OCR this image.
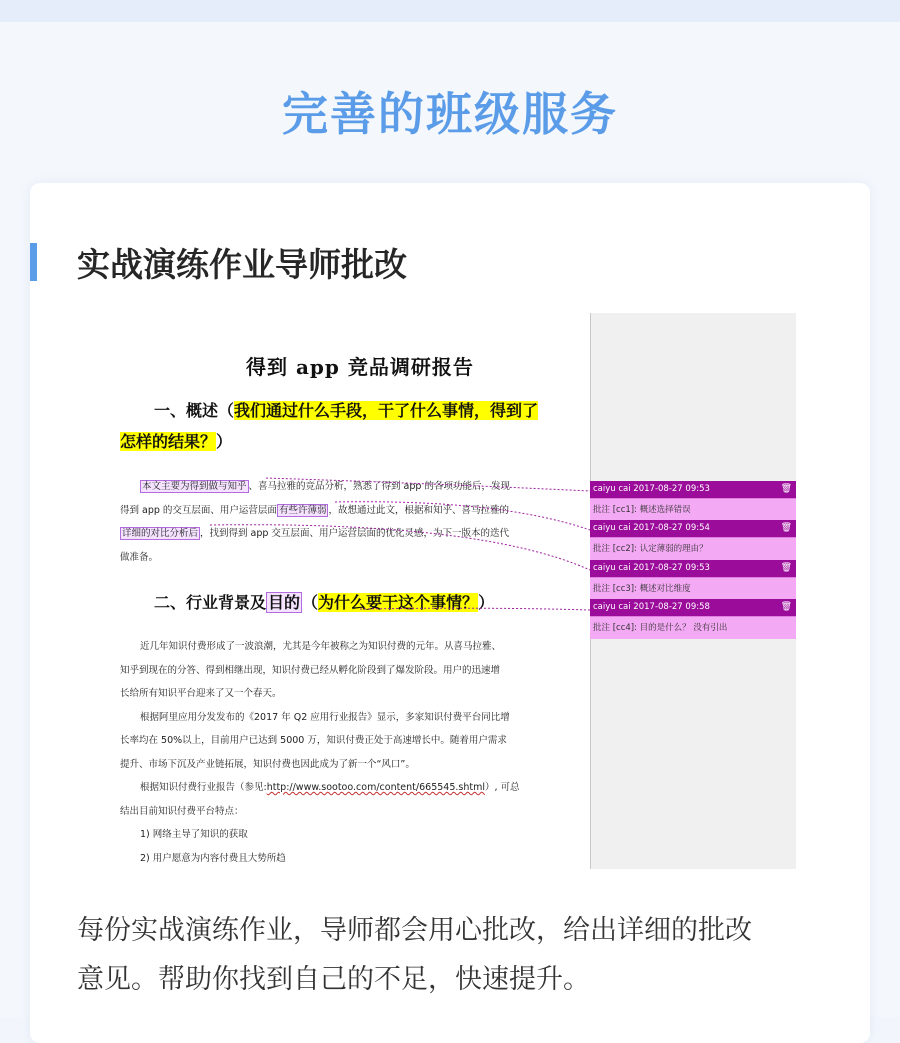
完善的班级服务
实战演练作业导师批改
得到 app 竞品调研报告
一、概述（我们通过什么手段，干了什么事情，得到了
怎样的结果？）

本文主要为得到做与知乎 、喜马拉雅的竞品分析，熟悉了得到 app 的各项功能后，发现

得到 app 的交互层面、用户运营层面 有些许薄弱 ，故想通过此文，根据和知乎、喜马拉雅的

详细的对比分析后 ，找到得到 app 交互层面、用户运营层面的优化灵感，为下一版本的迭代

做准备。

二、行业背景及 目的 （为什么要干这个事情？）

近几年知识付费形成了一波浪潮，尤其是今年被称之为知识付费的元年。从喜马拉雅、

知乎到现在的分答、得到相继出现，知识付费已经从孵化阶段到了爆发阶段。用户的迅速增

长给所有知识平台迎来了又一个春天。

根据阿里应用分发发布的《2017 年 Q2 应用行业报告》显示，多家知识付费平台同比增

长率均在 50%以上，目前用户已达到 5000 万，知识付费正处于高速增长中。随着用户需求

提升、市场下沉及产业链拓展，知识付费也因此成为了新一个“风口”。

根据知识付费行业报告（参见:http://www.sootoo.com/content/665545.shtml）, 可总

结出目前知识付费平台特点：

1) 网络主导了知识的获取

2) 用户愿意为内容付费且大势所趋

caiyu cai 2017-08-27 09:53	🗑
批注 [cc1]: 概述选择错误
caiyu cai 2017-08-27 09:54	🗑
批注 [cc2]: 认定薄弱的理由？
caiyu cai 2017-08-27 09:53	🗑
批注 [cc3]: 概述对比维度
caiyu cai 2017-08-27 09:58	🗑
批注 [cc4]: 目的是什么？ 没有引出
每份实战演练作业，导师都会用心批改，给出详细的批改
意见。帮助你找到自己的不足，快速提升。
